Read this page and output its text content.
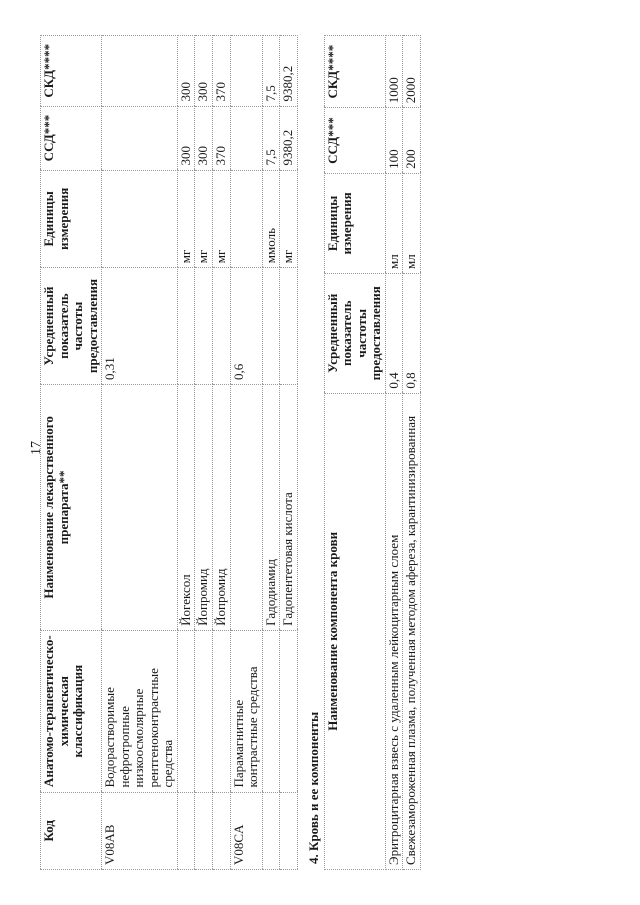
17
Код	Анатомо-терапевтическо-химическая классификация	Наименование лекарственного препарата**	Усредненный показатель частоты предоставления	Единицы измерения	ССД***	СКД****
V08AB	Водорастворимые нефротропные низкоосмолярные рентгеноконтрастные средства		0,31			
		Йогексол		мг	300	300
		Йопромид		мг	300	300
		Йопромид		мг	370	370
V08CA	Парамагнитные контрастные средства		0,6			
		Гадодиамид		ммоль	7,5	7,5
		Гадопентетовая кислота		мг	9380,2	9380,2
4. Кровь и ее компоненты
Наименование компонента крови	Усредненный показатель частоты предоставления	Единицы измерения	ССД***	СКД****
Эритроцитарная взвесь с удаленным лейкоцитарным слоем	0,4	мл	100	1000
Свежезамороженная плазма, полученная методом афереза, карантинизированная	0,8	мл	200	2000
